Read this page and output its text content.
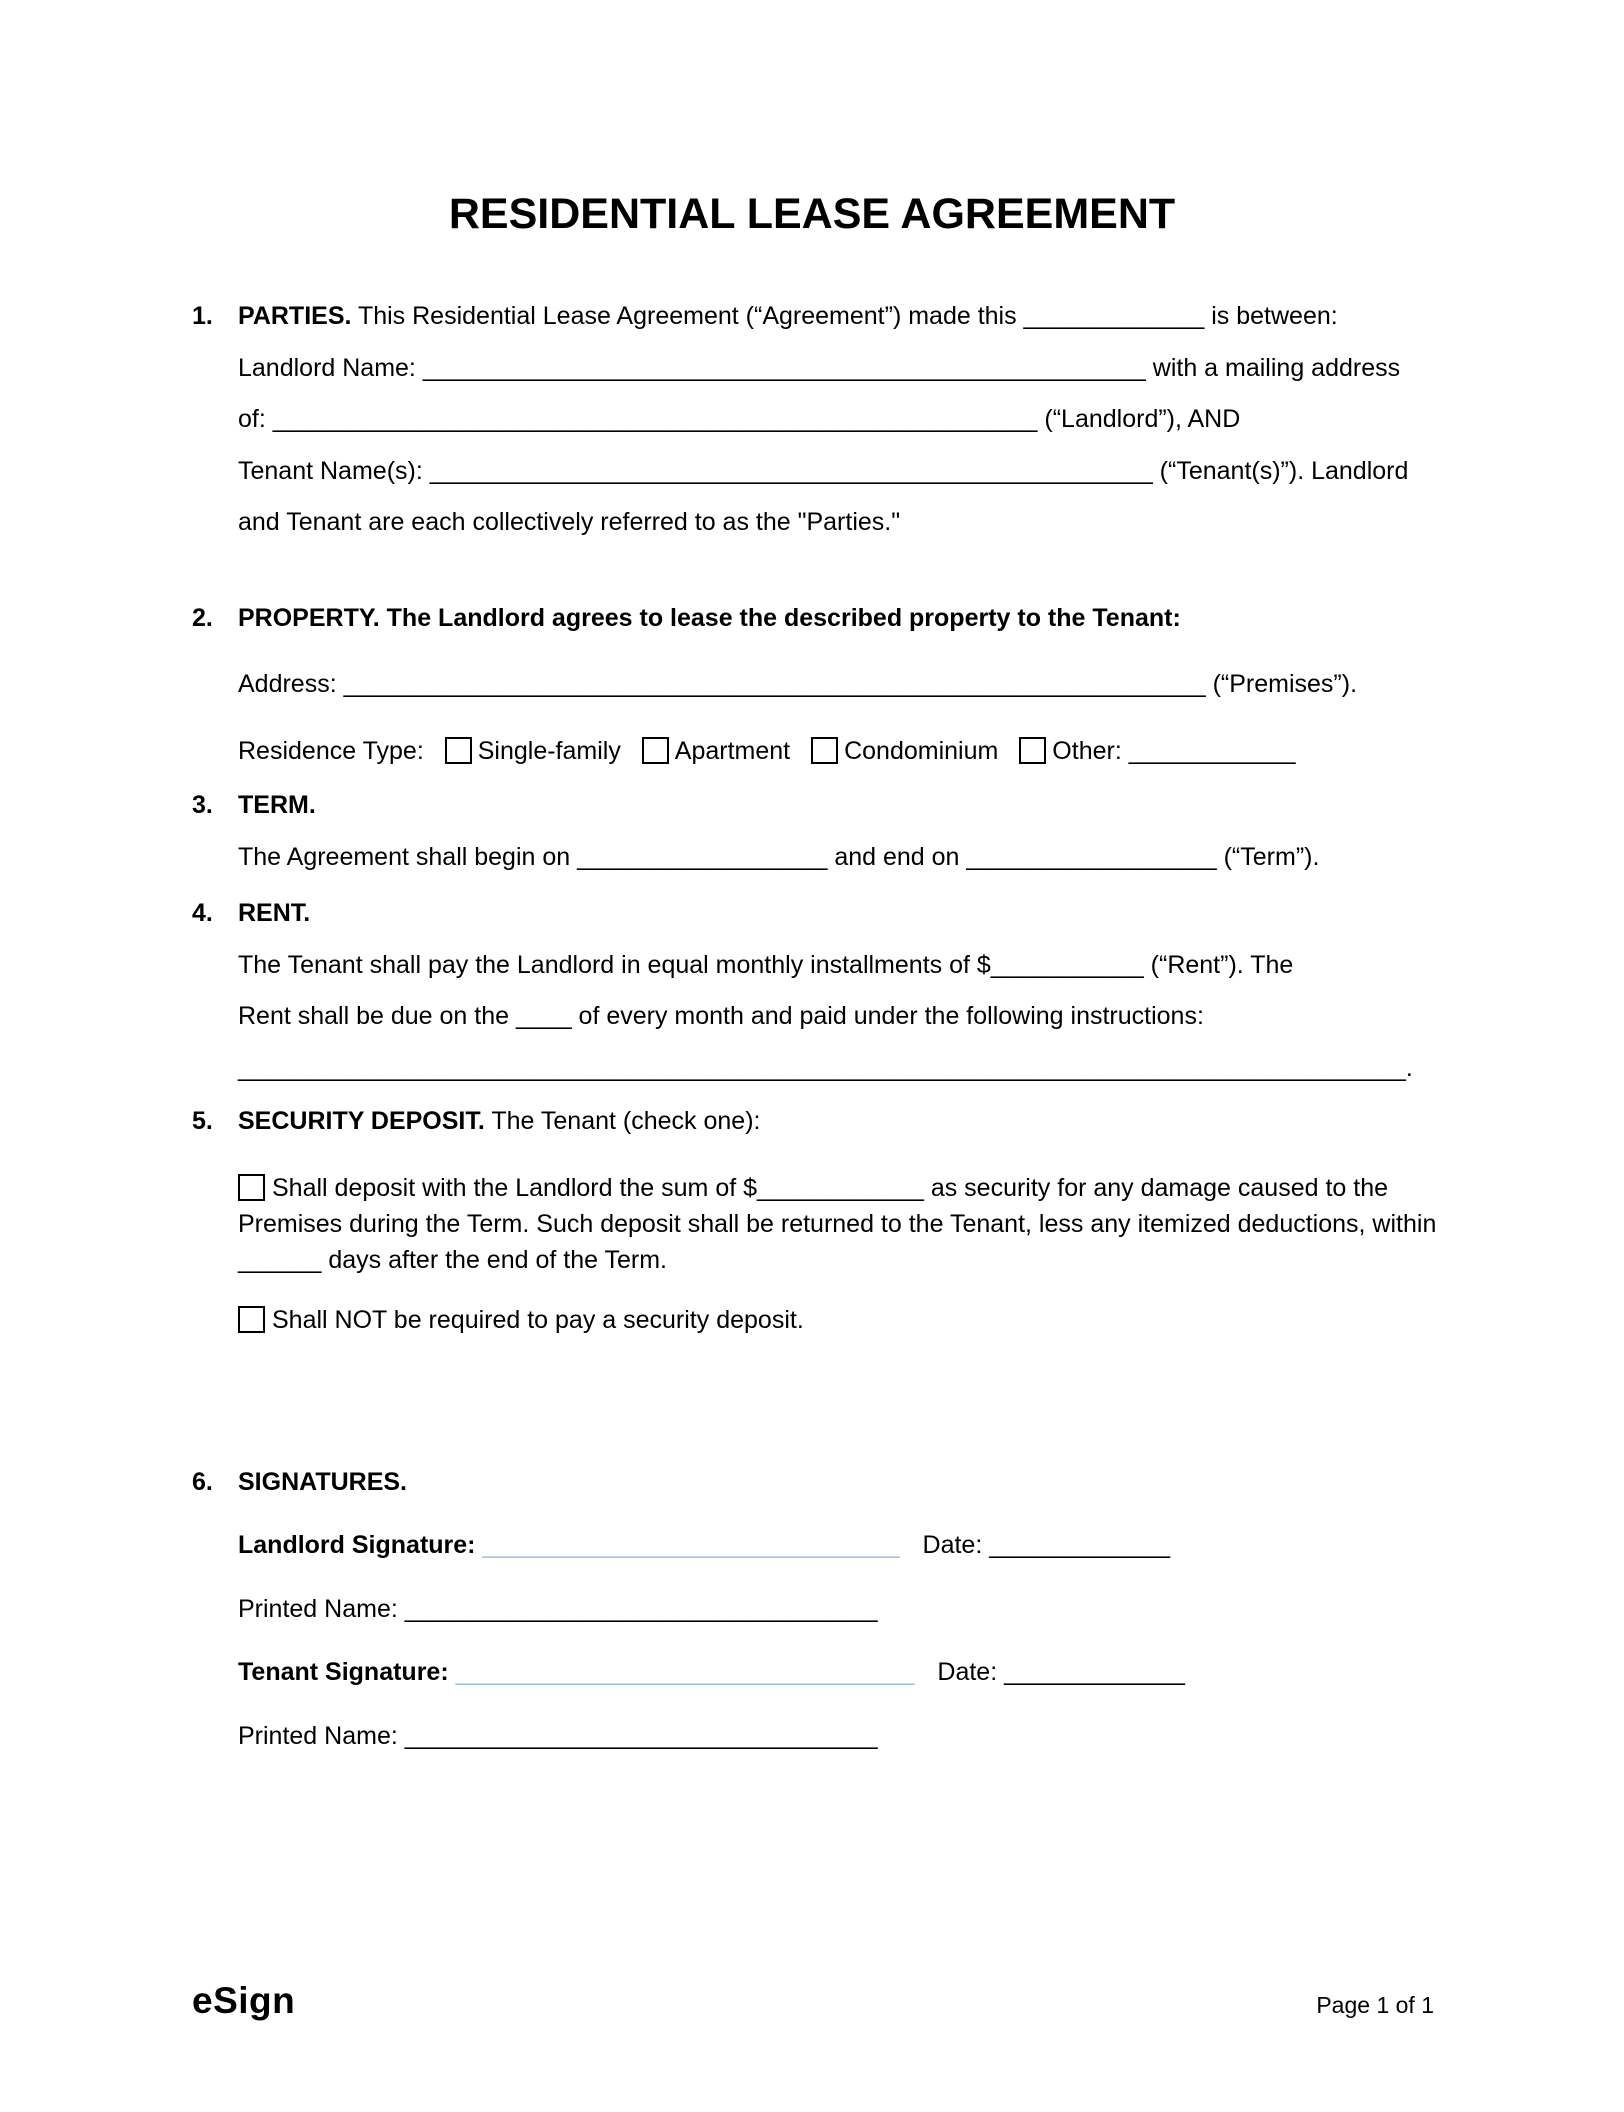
RESIDENTIAL LEASE AGREEMENT
1. PARTIES. This Residential Lease Agreement (“Agreement”) made this _____________ is between:
Landlord Name: ____________________________________________________ with a mailing address
of: _______________________________________________________ (“Landlord”), AND
Tenant Name(s): ____________________________________________________ (“Tenant(s)”). Landlord
and Tenant are each collectively referred to as the "Parties."
2. PROPERTY. The Landlord agrees to lease the described property to the Tenant:
Address: ______________________________________________________________ (“Premises”).
Residence Type: Single-family Apartment Condominium Other: ____________
3. TERM.
The Agreement shall begin on __________________ and end on __________________ (“Term”).
4. RENT.
The Tenant shall pay the Landlord in equal monthly installments of $___________ (“Rent”). The
Rent shall be due on the ____ of every month and paid under the following instructions:
____________________________________________________________________________________.
5. SECURITY DEPOSIT. The Tenant (check one):

Shall deposit with the Landlord the sum of $____________ as security for any damage caused to the Premises during the Term. Such deposit shall be returned to the Tenant, less any itemized deductions, within ______ days after the end of the Term.

Shall NOT be required to pay a security deposit.

6. SIGNATURES.
Landlord Signature: ______________________________ Date: _____________
Printed Name: __________________________________
Tenant Signature: _________________________________ Date: _____________
Printed Name: __________________________________
eSign	Page 1 of 1
